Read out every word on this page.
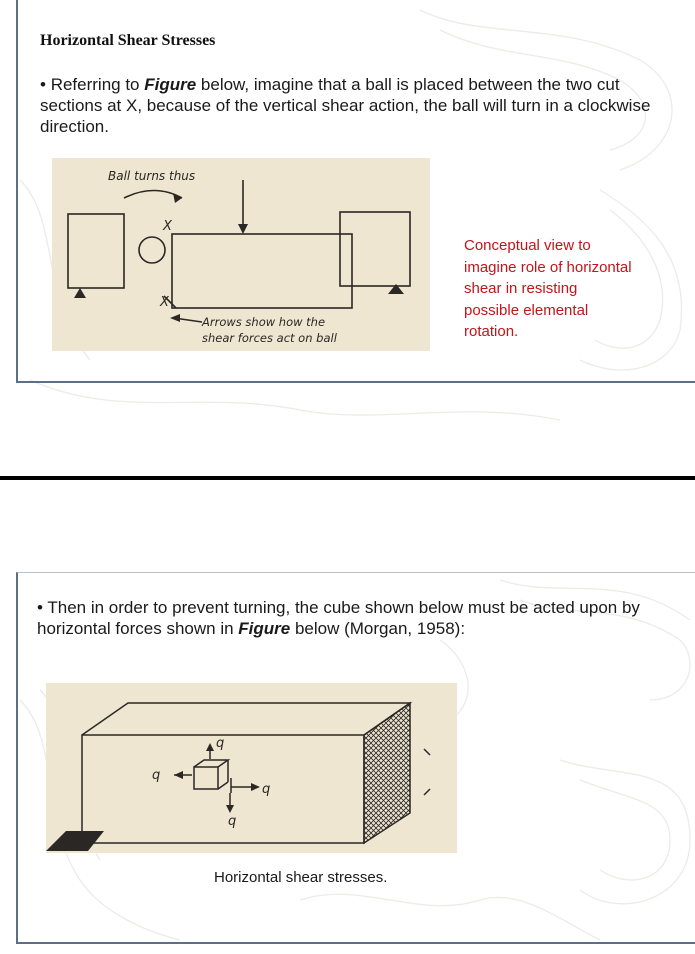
Horizontal Shear Stresses
• Referring to Figure below, imagine that a ball is placed between the two cut sections at X, because of the vertical shear action, the ball will turn in a clockwise direction.
Ball turns thus
X
X
Arrows show how the
shear forces act on ball
Conceptual view to imagine role of horizontal shear in resisting possible elemental rotation.
• Then in order to prevent turning, the cube shown below must be acted upon by horizontal forces shown in Figure below (Morgan, 1958):
q
q
q
q
Horizontal shear stresses.
